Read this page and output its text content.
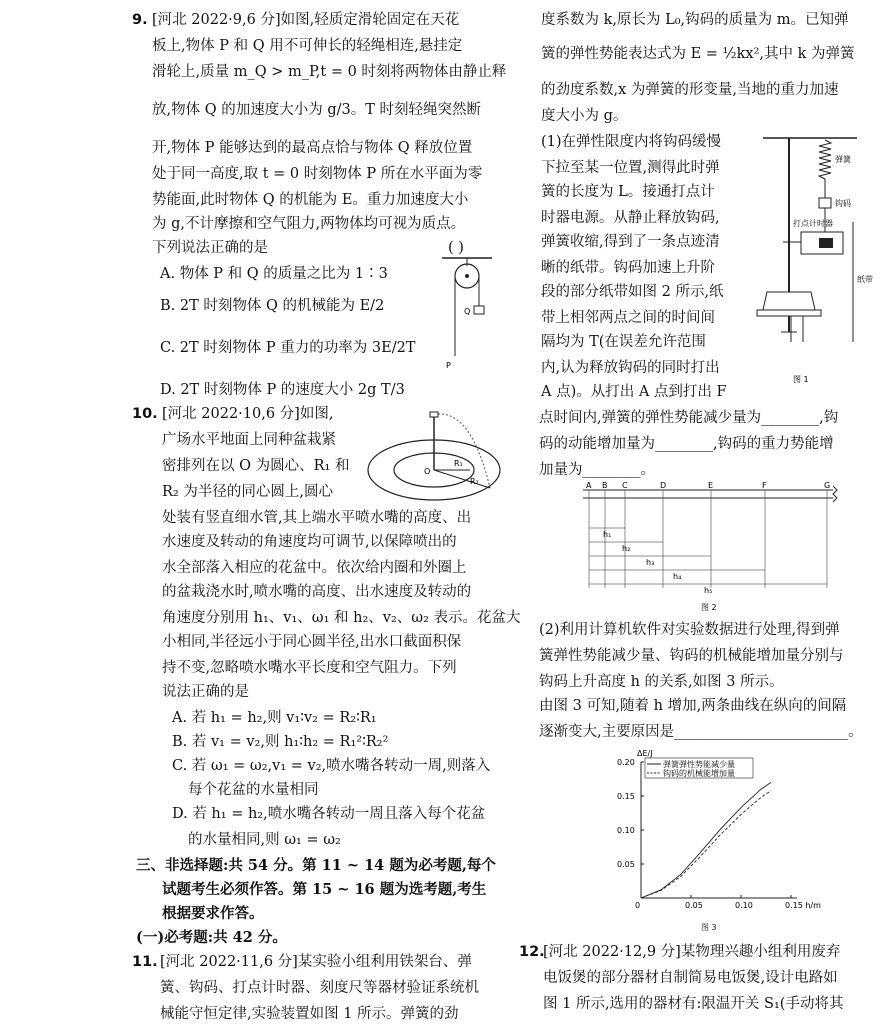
9. [河北 2022·9,6 分]如图,轻质定滑轮固定在天花
板上,物体 P 和 Q 用不可伸长的轻绳相连,悬挂定
滑轮上,质量 m_Q > m_P,t = 0 时刻将两物体由静止释
放,物体 Q 的加速度大小为 g/3。T 时刻轻绳突然断
开,物体 P 能够达到的最高点恰与物体 Q 释放位置
处于同一高度,取 t = 0 时刻物体 P 所在水平面为零
势能面,此时物体 Q 的机能为 E。重力加速度大小
为 g,不计摩擦和空气阻力,两物体均可视为质点。
下列说法正确的是	( )
A. 物体 P 和 Q 的质量之比为 1∶3
B. 2T 时刻物体 Q 的机械能为 E/2
C. 2T 时刻物体 P 重力的功率为 3E/2T
D. 2T 时刻物体 P 的速度大小 2g T/3
Q
P
10. [河北 2022·10,6 分]如图,
广场水平地面上同种盆栽紧
密排列在以 O 为圆心、R₁ 和
R₂ 为半径的同心圆上,圆心
处装有竖直细水管,其上端水平喷水嘴的高度、出
水速度及转动的角速度均可调节,以保障喷出的
水全部落入相应的花盆中。依次给内圈和外圈上
的盆栽浇水时,喷水嘴的高度、出水速度及转动的
角速度分别用 h₁、v₁、ω₁ 和 h₂、v₂、ω₂ 表示。花盆大
小相同,半径远小于同心圆半径,出水口截面积保
持不变,忽略喷水嘴水平长度和空气阻力。下列
说法正确的是
A. 若 h₁ = h₂,则 v₁∶v₂ = R₂∶R₁
B. 若 v₁ = v₂,则 h₁∶h₂ = R₁²∶R₂²
C. 若 ω₁ = ω₂,v₁ = v₂,喷水嘴各转动一周,则落入
每个花盆的水量相同
D. 若 h₁ = h₂,喷水嘴各转动一周且落入每个花盆
的水量相同,则 ω₁ = ω₂
O
R₁
R₂
三、非选择题:共 54 分。第 11 ~ 14 题为必考题,每个
试题考生必须作答。第 15 ~ 16 题为选考题,考生
根据要求作答。
(一)必考题:共 42 分。
11. [河北 2022·11,6 分]某实验小组利用铁架台、弹
簧、钩码、打点计时器、刻度尺等器材验证系统机
械能守恒定律,实验装置如图 1 所示。弹簧的劲
度系数为 k,原长为 L₀,钩码的质量为 m。已知弹
簧的弹性势能表达式为 E = ½kx²,其中 k 为弹簧
的劲度系数,x 为弹簧的形变量,当地的重力加速
度大小为 g。
(1)在弹性限度内将钩码缓慢
下拉至某一位置,测得此时弹
簧的长度为 L。接通打点计
时器电源。从静止释放钩码,
弹簧收缩,得到了一条点迹清
晰的纸带。钩码加速上升阶
段的部分纸带如图 2 所示,纸
带上相邻两点之间的时间间
隔均为 T(在误差允许范围
内,认为释放钩码的同时打出
A 点)。从打出 A 点到打出 F
点时间内,弹簧的弹性势能减少量为________,钩
码的动能增加量为________,钩码的重力势能增
加量为________。
弹簧
钩码
打点计时器
纸带
图 1
A B C	D	E	F	G
h₁
h₂
h₃
h₄
h₅
图 2
(2)利用计算机软件对实验数据进行处理,得到弹
簧弹性势能减少量、钩码的机械能增加量分别与
钩码上升高度 h 的关系,如图 3 所示。
由图 3 可知,随着 h 增加,两条曲线在纵向的间隔
逐渐变大,主要原因是________________________。
ΔE/J
0	0.05	0.10	0.15 h/m
0.05
0.10
0.15
0.20	弹簧弹性势能减少量
钩码的机械能增加量
图 3
12.
[河北 2022·12,9 分]某物理兴趣小组利用废弃
电饭煲的部分器材自制简易电饭煲,设计电路如
图 1 所示,选用的器材有:限温开关 S₁(手动将其
